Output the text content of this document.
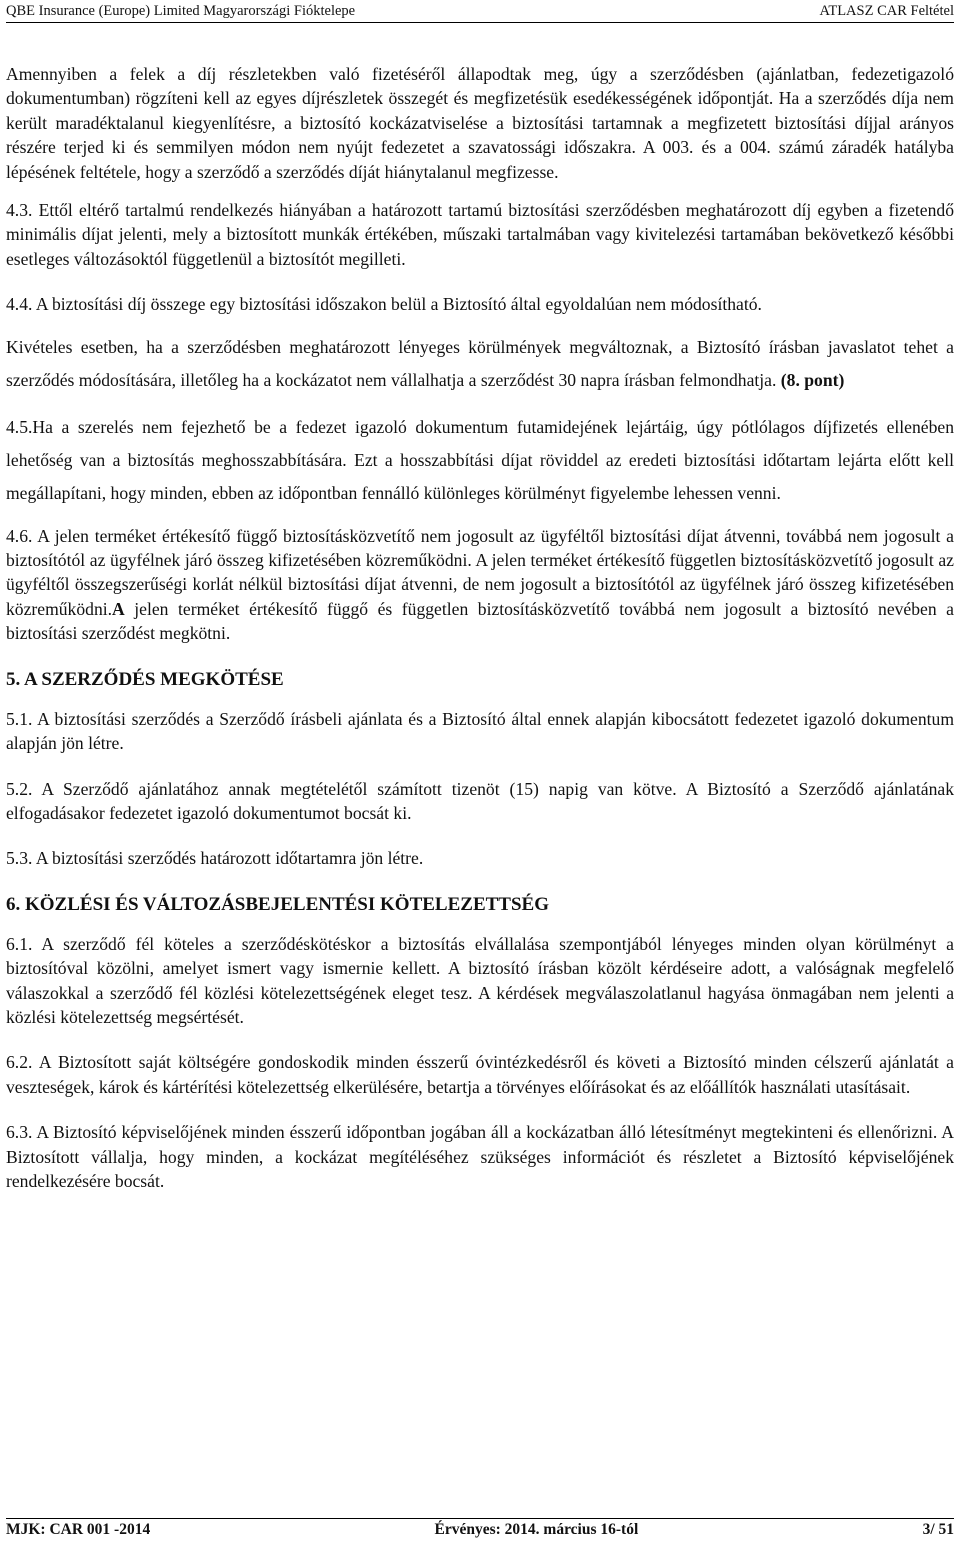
QBE Insurance (Europe) Limited Magyarországi Fióktelepe	ATLASZ CAR Feltétel

Amennyiben a felek a díj részletekben való fizetéséről állapodtak meg, úgy a szerződésben (ajánlatban, fedezetigazoló dokumentumban) rögzíteni kell az egyes díjrészletek összegét és megfizetésük esedékességének időpontját. Ha a szerződés díja nem került maradéktalanul kiegyenlítésre, a biztosító kockázatviselése a biztosítási tartamnak a megfizetett biztosítási díjjal arányos részére terjed ki és semmilyen módon nem nyújt fedezetet a szavatossági időszakra. A 003. és a 004. számú záradék hatályba lépésének feltétele, hogy a szerződő a szerződés díját hiánytalanul megfizesse.

4.3. Ettől eltérő tartalmú rendelkezés hiányában a határozott tartamú biztosítási szerződésben meghatározott díj egyben a fizetendő minimális díjat jelenti, mely a biztosított munkák értékében, műszaki tartalmában vagy kivitelezési tartamában bekövetkező későbbi esetleges változásoktól függetlenül a biztosítót megilleti.

4.4. A biztosítási díj összege egy biztosítási időszakon belül a Biztosító által egyoldalúan nem módosítható.

Kivételes esetben, ha a szerződésben meghatározott lényeges körülmények megváltoznak, a Biztosító írásban javaslatot tehet a szerződés módosítására, illetőleg ha a kockázatot nem vállalhatja a szerződést 30 napra írásban felmondhatja. (8. pont)

4.5.Ha a szerelés nem fejezhető be a fedezet igazoló dokumentum futamidejének lejártáig, úgy pótlólagos díjfizetés ellenében lehetőség van a biztosítás meghosszabbítására. Ezt a hosszabbítási díjat röviddel az eredeti biztosítási időtartam lejárta előtt kell megállapítani, hogy minden, ebben az időpontban fennálló különleges körülményt figyelembe lehessen venni.

4.6. A jelen terméket értékesítő függő biztosításközvetítő nem jogosult az ügyféltől biztosítási díjat átvenni, továbbá nem jogosult a biztosítótól az ügyfélnek járó összeg kifizetésében közreműködni. A jelen terméket értékesítő független biztosításközvetítő jogosult az ügyféltől összegszerűségi korlát nélkül biztosítási díjat átvenni, de nem jogosult a biztosítótól az ügyfélnek járó összeg kifizetésében közreműködni.A jelen terméket értékesítő függő és független biztosításközvetítő továbbá nem jogosult a biztosító nevében a biztosítási szerződést megkötni.

5. A SZERZŐDÉS MEGKÖTÉSE

5.1. A biztosítási szerződés a Szerződő írásbeli ajánlata és a Biztosító által ennek alapján kibocsátott fedezetet igazoló dokumentum alapján jön létre.

5.2. A Szerződő ajánlatához annak megtételétől számított tizenöt (15) napig van kötve. A Biztosító a Szerződő ajánlatának elfogadásakor fedezetet igazoló dokumentumot bocsát ki.

5.3. A biztosítási szerződés határozott időtartamra jön létre.

6. KÖZLÉSI ÉS VÁLTOZÁSBEJELENTÉSI KÖTELEZETTSÉG

6.1. A szerződő fél köteles a szerződéskötéskor a biztosítás elvállalása szempontjából lényeges minden olyan körülményt a biztosítóval közölni, amelyet ismert vagy ismernie kellett. A biztosító írásban közölt kérdéseire adott, a valóságnak megfelelő válaszokkal a szerződő fél közlési kötelezettségének eleget tesz. A kérdések megválaszolatlanul hagyása önmagában nem jelenti a közlési kötelezettség megsértését.

6.2. A Biztosított saját költségére gondoskodik minden ésszerű óvintézkedésről és követi a Biztosító minden célszerű ajánlatát a veszteségek, károk és kártérítési kötelezettség elkerülésére, betartja a törvényes előírásokat és az előállítók használati utasításait.

6.3. A Biztosító képviselőjének minden ésszerű időpontban jogában áll a kockázatban álló létesítményt megtekinteni és ellenőrizni. A Biztosított vállalja, hogy minden, a kockázat megítéléséhez szükséges információt és részletet a Biztosító képviselőjének rendelkezésére bocsát.

MJK: CAR 001 -2014	Érvényes: 2014. március 16-tól	3/ 51
